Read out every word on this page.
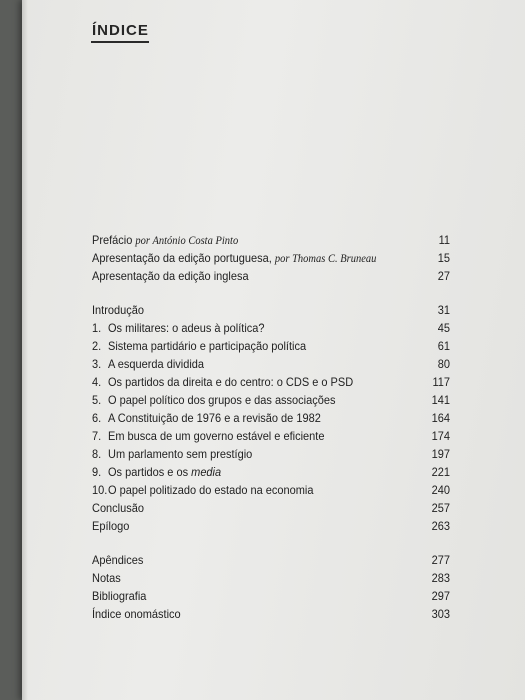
ÍNDICE
Prefácio por António Costa Pinto	11
Apresentação da edição portuguesa, por Thomas C. Bruneau	15
Apresentação da edição inglesa	27
Introdução	31
1. Os militares: o adeus à política?	45
2. Sistema partidário e participação política	61
3. A esquerda dividida	80
4. Os partidos da direita e do centro: o CDS e o PSD	117
5. O papel político dos grupos e das associações	141
6. A Constituição de 1976 e a revisão de 1982	164
7. Em busca de um governo estável e eficiente	174
8. Um parlamento sem prestígio	197
9. Os partidos e os media	221
10.O papel politizado do estado na economia	240
Conclusão	257
Epílogo	263
Apêndices	277
Notas	283
Bibliografia	297
Índice onomástico	303
